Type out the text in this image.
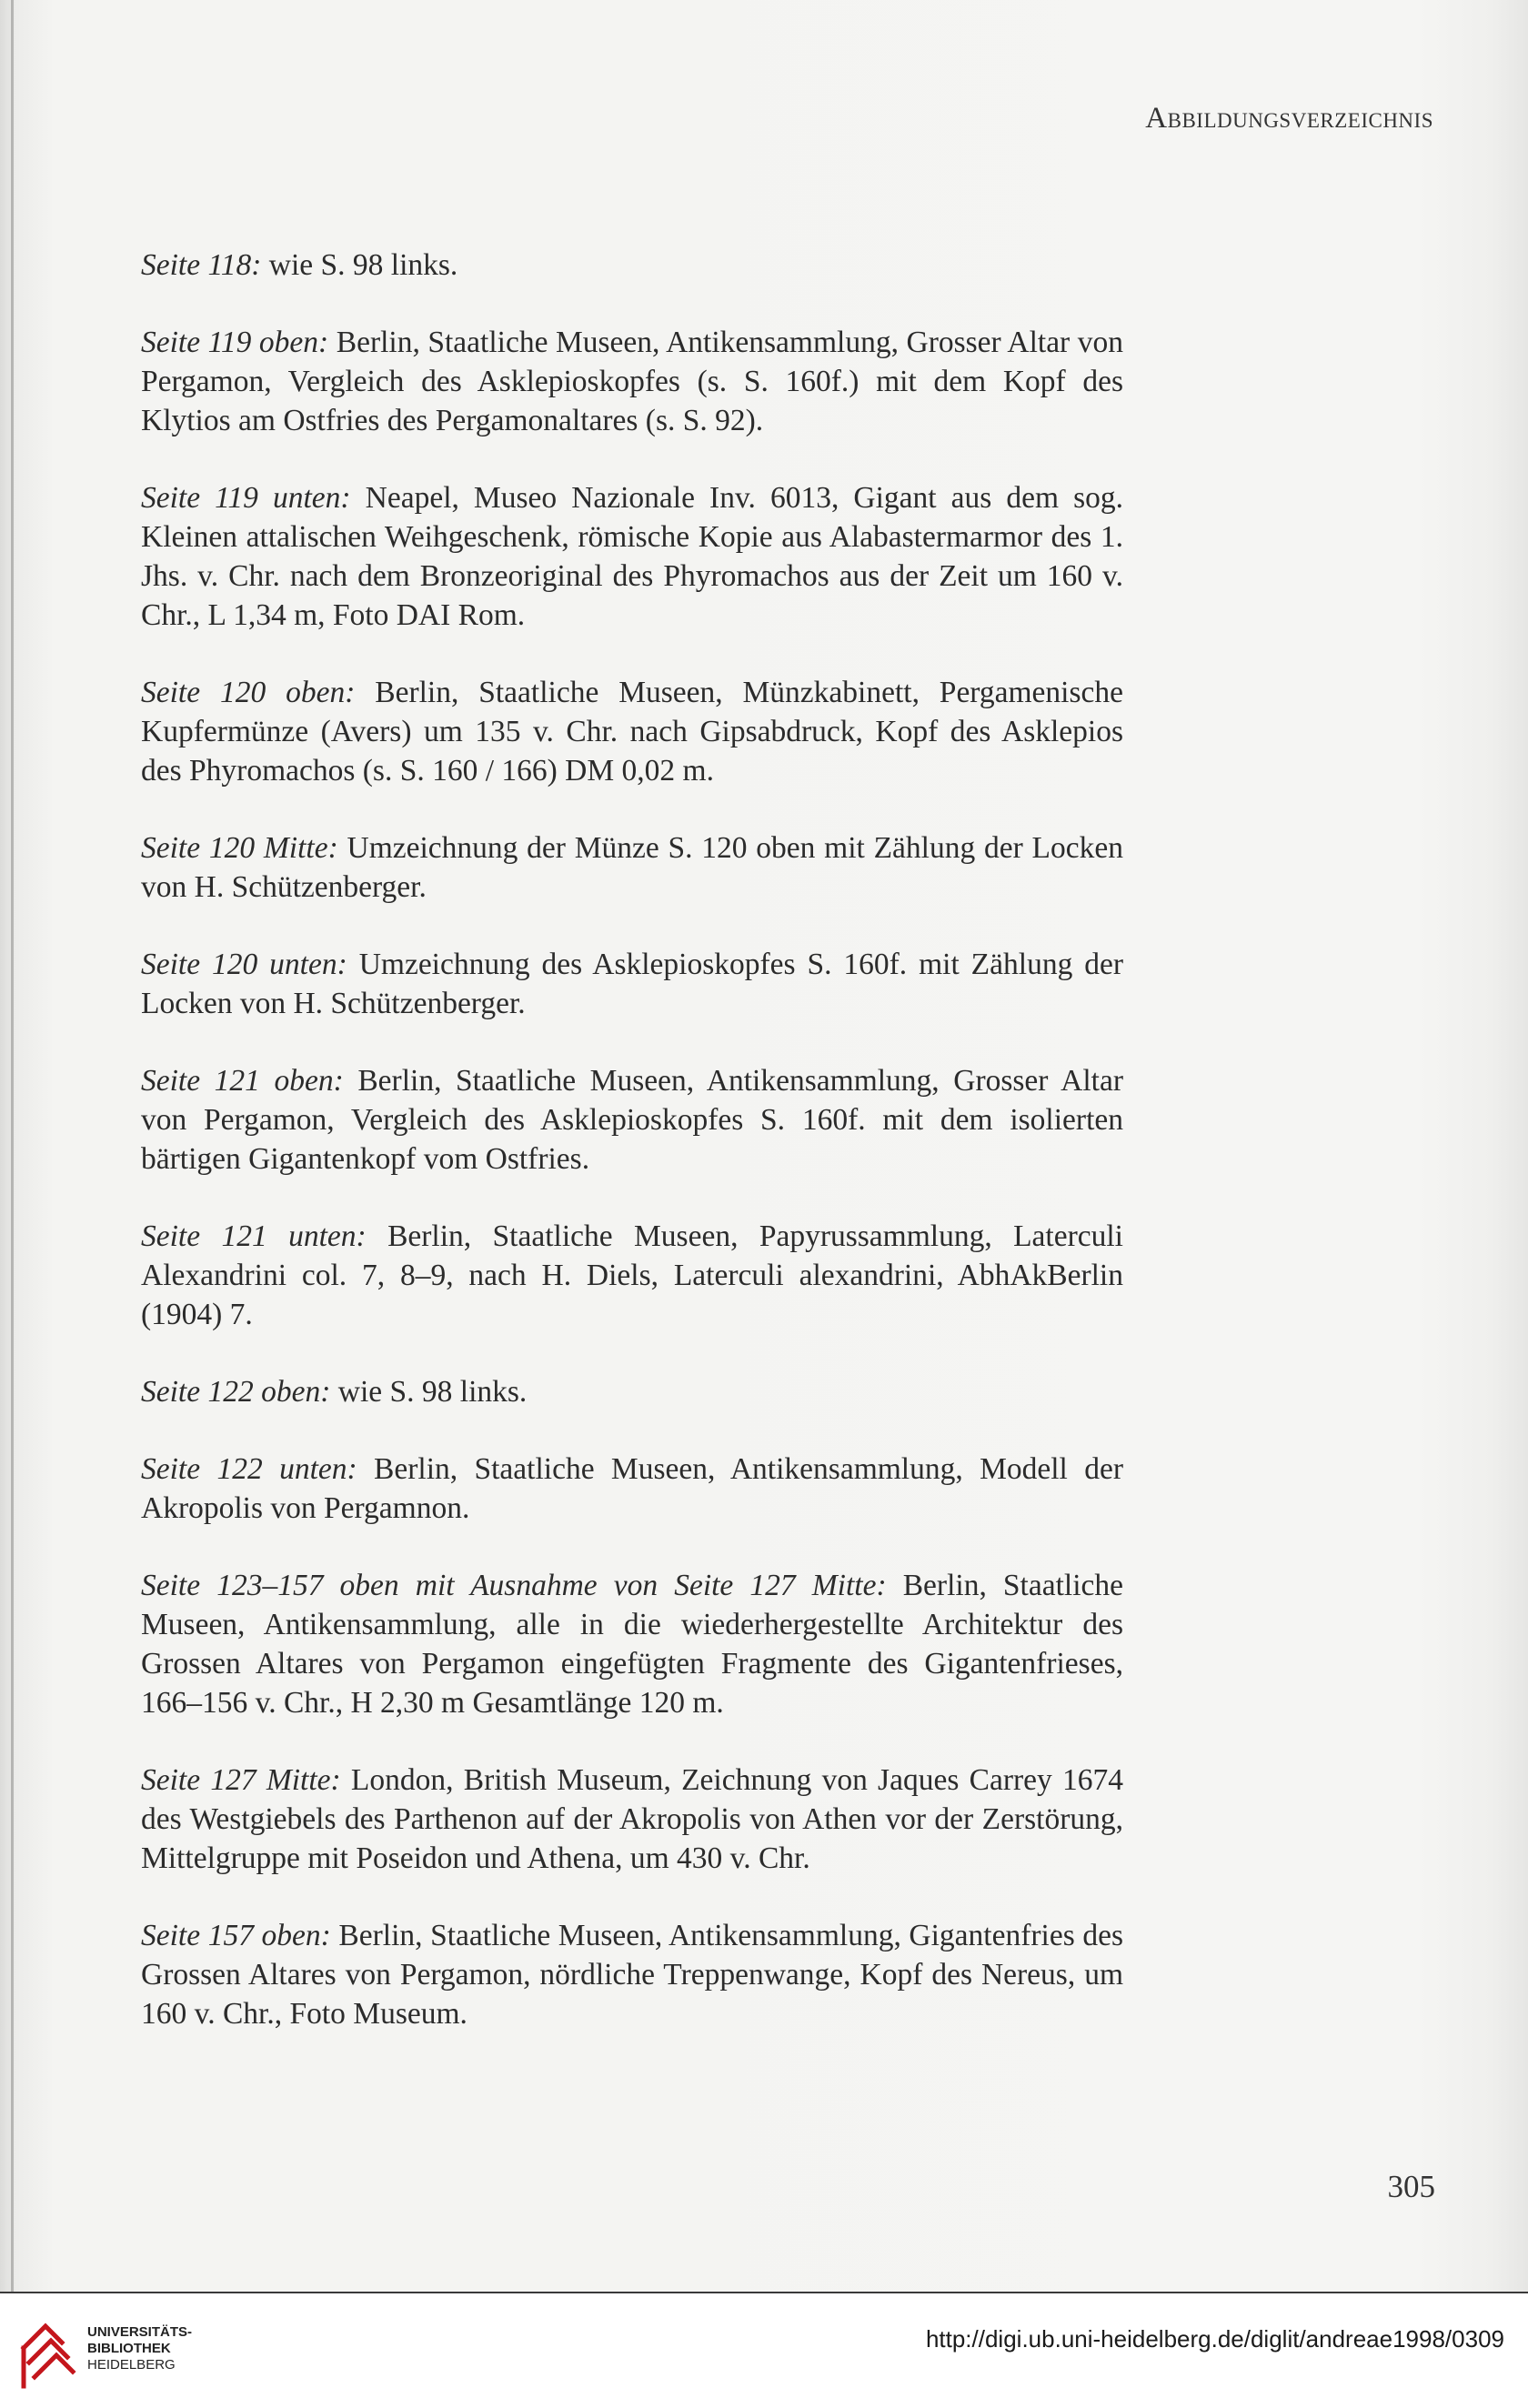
Abbildungsverzeichnis

Seite 118: wie S. 98 links.

Seite 119 oben: Berlin, Staatliche Museen, Antikensammlung, Grosser Altar von Pergamon, Vergleich des Asklepioskopfes (s. S. 160f.) mit dem Kopf des Klytios am Ostfries des Pergamonaltares (s. S. 92).

Seite 119 unten: Neapel, Museo Nazionale Inv. 6013, Gigant aus dem sog. Kleinen attalischen Weihgeschenk, römische Kopie aus Alabastermarmor des 1. Jhs. v. Chr. nach dem Bronzeoriginal des Phyromachos aus der Zeit um 160 v. Chr., L 1,34 m, Foto DAI Rom.

Seite 120 oben: Berlin, Staatliche Museen, Münzkabinett, Pergamenische Kupfermünze (Avers) um 135 v. Chr. nach Gipsabdruck, Kopf des Asklepios des Phyromachos (s. S. 160 / 166) DM 0,02 m.

Seite 120 Mitte: Umzeichnung der Münze S. 120 oben mit Zählung der Locken von H. Schützenberger.

Seite 120 unten: Umzeichnung des Asklepioskopfes S. 160f. mit Zählung der Locken von H. Schützenberger.

Seite 121 oben: Berlin, Staatliche Museen, Antikensammlung, Grosser Altar von Pergamon, Vergleich des Asklepioskopfes S. 160f. mit dem isolierten bärtigen Gigantenkopf vom Ostfries.

Seite 121 unten: Berlin, Staatliche Museen, Papyrussammlung, Laterculi Alexandrini col. 7, 8–9, nach H. Diels, Laterculi alexandrini, AbhAkBerlin (1904) 7.

Seite 122 oben: wie S. 98 links.

Seite 122 unten: Berlin, Staatliche Museen, Antikensammlung, Modell der Akropolis von Pergamnon.

Seite 123–157 oben mit Ausnahme von Seite 127 Mitte: Berlin, Staatliche Museen, Antikensammlung, alle in die wiederhergestellte Architektur des Grossen Altares von Pergamon eingefügten Fragmente des Gigantenfrieses, 166–156 v. Chr., H 2,30 m Gesamtlänge 120 m.

Seite 127 Mitte: London, British Museum, Zeichnung von Jaques Carrey 1674 des Westgiebels des Parthenon auf der Akropolis von Athen vor der Zerstörung, Mittelgruppe mit Poseidon und Athena, um 430 v. Chr.

Seite 157 oben: Berlin, Staatliche Museen, Antikensammlung, Gigantenfries des Grossen Altares von Pergamon, nördliche Treppenwange, Kopf des Nereus, um 160 v. Chr., Foto Museum.

305
UNIVERSITÄTS-
BIBLIOTHEK
HEIDELBERG
http://digi.ub.uni-heidelberg.de/diglit/andreae1998/0309
